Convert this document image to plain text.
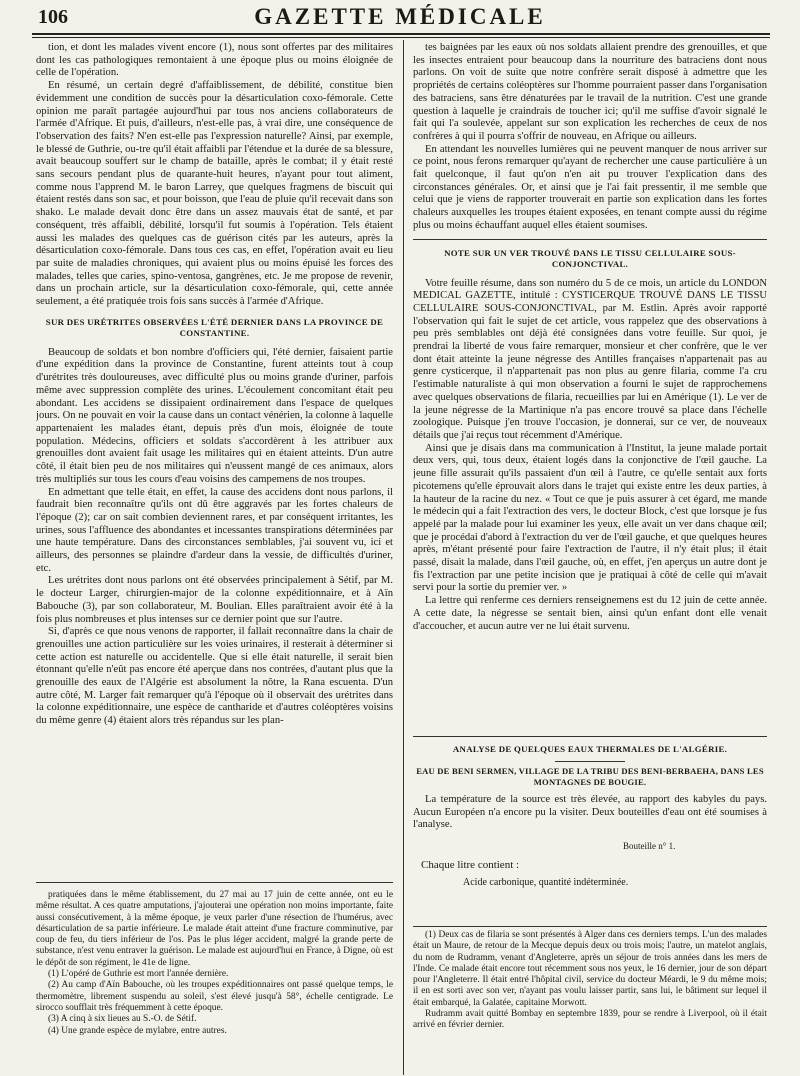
106	GAZETTE MÉDICALE

tion, et dont les malades vivent encore (1), nous sont offertes par des militaires dont les cas pathologiques remontaient à une époque plus ou moins éloignée de celle de l'opération.

En résumé, un certain degré d'affaiblissement, de débilité, constitue bien évidemment une condition de succès pour la désarticulation coxo-fémorale. Cette opinion me paraît partagée aujourd'hui par tous nos anciens collaborateurs de l'armée d'Afrique. Et puis, d'ailleurs, n'est-elle pas, à vrai dire, une conséquence de l'observation des faits? N'en est-elle pas l'expression naturelle? Ainsi, par exemple, le blessé de Guthrie, ou-tre qu'il était affaibli par l'étendue et la durée de sa blessure, avait beaucoup souffert sur le champ de bataille, après le combat; il y était resté sans secours pendant plus de quarante-huit heures, n'ayant pour tout aliment, comme nous l'apprend M. le baron Larrey, que quelques fragmens de biscuit qui étaient restés dans son sac, et pour boisson, que l'eau de pluie qu'il recevait dans son shako. Le malade devait donc être dans un assez mauvais état de santé, et par conséquent, très affaibli, débilité, lorsqu'il fut soumis à l'opération. Tels étaient aussi les malades des quelques cas de guérison cités par les auteurs, après la désarticulation coxo-fémorale. Dans tous ces cas, en effet, l'opération avait eu lieu par suite de maladies chroniques, qui avaient plus ou moins épuisé les forces des malades, telles que caries, spino-ventosa, gangrènes, etc. Je me propose de revenir, dans un prochain article, sur la désarticulation coxo-fémorale, qui, cette année seulement, a été pratiquée trois fois sans succès à l'armée d'Afrique.

SUR DES URÉTRITES OBSERVÉES L'ÉTÉ DERNIER DANS LA PROVINCE DE CONSTANTINE.

Beaucoup de soldats et bon nombre d'officiers qui, l'été dernier, faisaient partie d'une expédition dans la province de Constantine, furent atteints tout à coup d'urétrites très douloureuses, avec difficulté plus ou moins grande d'uriner, parfois même avec suppression complète des urines. L'écoulement concomitant était peu abondant. Les accidens se dissipaient ordinairement dans l'espace de quelques jours. On ne pouvait en voir la cause dans un contact vénérien, la colonne à laquelle appartenaient les malades étant, depuis près d'un mois, éloignée de toute population. Médecins, officiers et soldats s'accordèrent à les attribuer aux grenouilles dont avaient fait usage les militaires qui en étaient atteints. D'un autre côté, il était bien peu de nos militaires qui n'eussent mangé de ces animaux, alors très multipliés sur tous les cours d'eau voisins des campemens de nos troupes.

En admettant que telle était, en effet, la cause des accidens dont nous parlons, il faudrait bien reconnaître qu'ils ont dû être aggravés par les fortes chaleurs de l'époque (2); car on sait combien deviennent rares, et par conséquent irritantes, les urines, sous l'affluence des abondantes et incessantes transpirations déterminées par une haute température. Dans des circonstances semblables, j'ai souvent vu, ici et ailleurs, des personnes se plaindre d'ardeur dans la vessie, de difficultés d'uriner, etc.

Les urétrites dont nous parlons ont été observées principalement à Sétif, par M. le docteur Larger, chirurgien-major de la colonne expéditionnaire, et à Aïn Babouche (3), par son collaborateur, M. Boulian. Elles paraîtraient avoir été à la fois plus nombreuses et plus intenses sur ce dernier point que sur l'autre.

Si, d'après ce que nous venons de rapporter, il fallait reconnaître dans la chair de grenouilles une action particulière sur les voies urinaires, il resterait à déterminer si cette action est naturelle ou accidentelle. Que si elle était naturelle, il serait bien étonnant qu'elle n'eût pas encore été aperçue dans nos contrées, d'autant plus que la grenouille des eaux de l'Algérie est absolument la nôtre, la Rana escuenta. D'un autre côté, M. Larger fait remarquer qu'à l'époque où il observait des urétrites dans la colonne expéditionnaire, une espèce de cantharide et d'autres coléoptères voisins du même genre (4) étaient alors très répandus sur les plan-

pratiquées dans le même établissement, du 27 mai au 17 juin de cette année, ont eu le même résultat. A ces quatre amputations, j'ajouterai une opération non moins importante, faite aussi consécutivement, à la même époque, je veux parler d'une résection de l'humérus, avec désarticulation de sa partie inférieure. Le malade était atteint d'une fracture comminutive, par coup de feu, du tiers inférieur de l'os. Pas le plus léger accident, malgré la grande perte de substance, n'est venu entraver la guérison. Le malade est aujourd'hui en France, à Digne, où est le dépôt de son régiment, le 41e de ligne.

(1) L'opéré de Guthrie est mort l'année dernière.

(2) Au camp d'Aïn Babouche, où les troupes expéditionnaires ont passé quelque temps, le thermomètre, librement suspendu au soleil, s'est élevé jusqu'à 58°, échelle centigrade. Le sirocco soufflait très fréquemment à cette époque.

(3) A cinq à six lieues au S.-O. de Sétif.

(4) Une grande espèce de mylabre, entre autres.

tes baignées par les eaux où nos soldats allaient prendre des grenouilles, et que les insectes entraient pour beaucoup dans la nourriture des batraciens dont nous parlons. On voit de suite que notre confrère serait disposé à admettre que les propriétés de certains coléoptères sur l'homme pourraient passer dans l'organisation des batraciens, sans être dénaturées par le travail de la nutrition. C'est une grande question à laquelle je craindrais de toucher ici; qu'il me suffise d'avoir signalé le fait qui l'a soulevée, appelant sur son explication les recherches de ceux de nos confrères à qui il pourra s'offrir de nouveau, en Afrique ou ailleurs.

En attendant les nouvelles lumières qui ne peuvent manquer de nous arriver sur ce point, nous ferons remarquer qu'ayant de rechercher une cause particulière à un fait quelconque, il faut qu'on n'en ait pu trouver l'explication dans des circonstances générales. Or, et ainsi que je l'ai fait pressentir, il me semble que celui que je viens de rapporter trouverait en partie son explication dans les fortes chaleurs auxquelles les troupes étaient exposées, en tenant compte aussi du régime plus ou moins échauffant auquel elles étaient soumises.

NOTE SUR UN VER TROUVÉ DANS LE TISSU CELLULAIRE SOUS-CONJONCTIVAL.

Votre feuille résume, dans son numéro du 5 de ce mois, un article du LONDON MEDICAL GAZETTE, intitulé : CYSTICERQUE TROUVÉ DANS LE TISSU CELLULAIRE SOUS-CONJONCTIVAL, par M. Estlin. Après avoir rapporté l'observation qui fait le sujet de cet article, vous rappelez que des observations à peu près semblables ont déjà été consignées dans votre feuille. Sur quoi, je prendrai la liberté de vous faire remarquer, monsieur et cher confrère, que le ver dont était atteinte la jeune négresse des Antilles françaises n'appartenait pas au genre cysticerque, il n'appartenait pas non plus au genre filaria, comme l'a cru l'estimable naturaliste à qui mon observation a fourni le sujet de rapprochemens avec quelques observations de filaria, recueillies par lui en Amérique (1). Le ver de la jeune négresse de la Martinique n'a pas encore trouvé sa place dans l'échelle zoologique. Puisque j'en trouve l'occasion, je donnerai, sur ce ver, de nouveaux détails que j'ai reçus tout récemment d'Amérique.

Ainsi que je disais dans ma communication à l'Institut, la jeune malade portait deux vers, qui, tous deux, étaient logés dans la conjonctive de l'œil gauche. La jeune fille assurait qu'ils passaient d'un œil à l'autre, ce qu'elle sentait aux forts picotemens qu'elle éprouvait alors dans le trajet qui existe entre les deux parties, à la hauteur de la racine du nez. « Tout ce que je puis assurer à cet égard, me mande le médecin qui a fait l'extraction des vers, le docteur Block, c'est que lorsque je fus appelé par la malade pour lui examiner les yeux, elle avait un ver dans chaque œil; que je procédai d'abord à l'extraction du ver de l'œil gauche, et que quelques heures après, m'étant présenté pour faire l'extraction de l'autre, il n'y était plus; il était passé, disait la malade, dans l'œil gauche, où, en effet, j'en aperçus un autre dont je fis l'extraction par une petite incision que je pratiquai à côté de celle qui m'avait servi pour la sortie du premier ver. »

La lettre qui renferme ces derniers renseignemens est du 12 juin de cette année. A cette date, la négresse se sentait bien, ainsi qu'un enfant dont elle venait d'accoucher, et aucun autre ver ne lui était survenu.

ANALYSE DE QUELQUES EAUX THERMALES DE L'ALGÉRIE.
EAU DE BENI SERMEN, VILLAGE DE LA TRIBU DES BENI-BERBAEHA, DANS LES MONTAGNES DE BOUGIE.

La température de la source est très élevée, au rapport des kabyles du pays. Aucun Européen n'a encore pu la visiter. Deux bouteilles d'eau ont été soumises à l'analyse.

Bouteille n° 1.
Chaque litre contient :
Acide carbonique, quantité indéterminée.

(1) Deux cas de filaria se sont présentés à Alger dans ces derniers temps. L'un des malades était un Maure, de retour de la Mecque depuis deux ou trois mois; l'autre, un matelot anglais, du nom de Rudramm, venant d'Angleterre, après un séjour de trois années dans les mers de l'Inde. Ce malade était encore tout récemment sous nos yeux, le 16 dernier, jour de son départ pour l'Angleterre. Il était entré l'hôpital civil, service du docteur Méardi, le 9 du même mois; il en est sorti avec son ver, n'ayant pas voulu laisser partir, sans lui, le bâtiment sur lequel il était embarqué, la Galatée, capitaine Morwott.

Rudramm avait quitté Bombay en septembre 1839, pour se rendre à Liverpool, où il était arrivé en février dernier.
